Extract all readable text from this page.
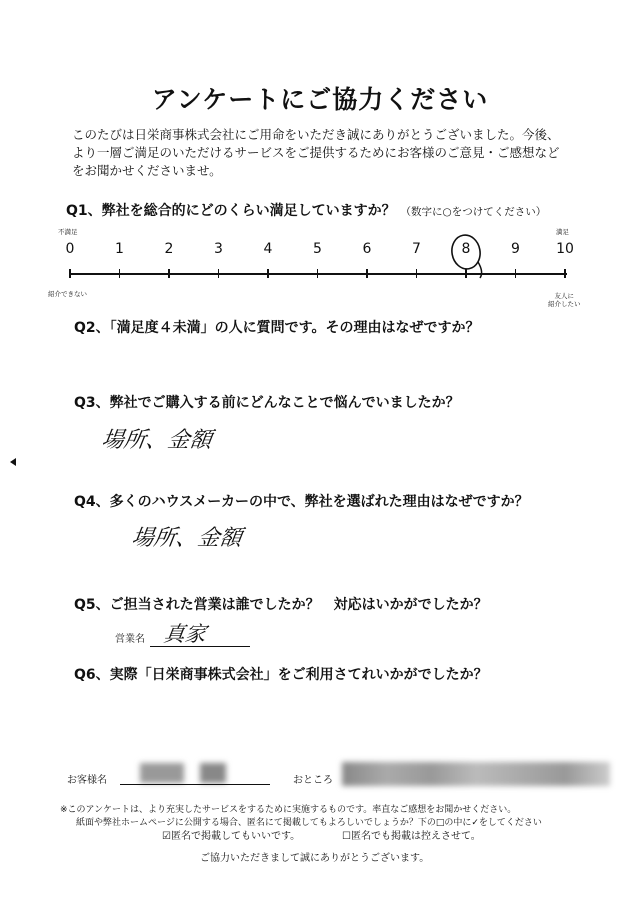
アンケートにご協力ください
このたびは日栄商事株式会社にご用命をいただき誠にありがとうございました。今後、
より一層ご満足のいただけるサービスをご提供するためにお客様のご意見・ご感想など
をお聞かせくださいませ。
Q1、弊社を総合的にどのくらい満足していますか？ （数字に○をつけてください）
不満足	満足
0	1	2	3	4	5	6	7	8	9	10
紹介できない	友人に
紹介したい
Q2、「満足度４未満」の人に質問です。その理由はなぜですか？
Q3、弊社でご購入する前にどんなことで悩んでいましたか？
場所、金額
Q4、多くのハウスメーカーの中で、弊社を選ばれた理由はなぜですか？
場所、金額
Q5、ご担当された営業は誰でしたか？　対応はいかがでしたか？
営業名 真家
Q6、実際「日栄商事株式会社」をご利用さてれいかがでしたか？
お客様名	おところ
※このアンケートは、より充実したサービスをするために実施するものです。率直なご感想をお聞かせください。
紙面や弊社ホームページに公開する場合、匿名にて掲載してもよろしいでしょうか？下の□の中に✓をしてください
☑匿名で掲載してもいいです。	☐匿名でも掲載は控えさせて。
ご協力いただきまして誠にありがとうございます。
